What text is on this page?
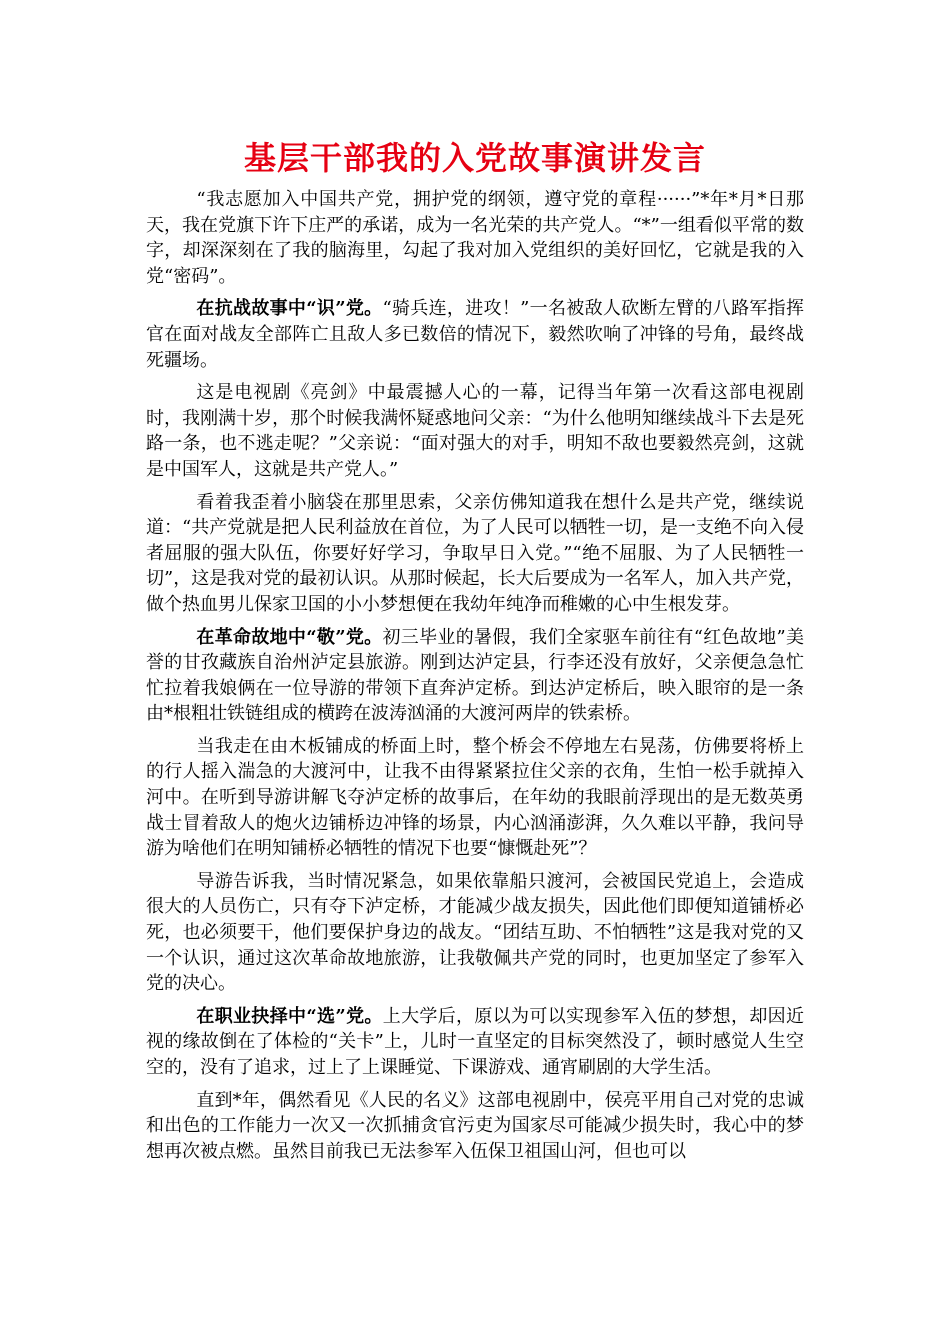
基层干部我的入党故事演讲发言

“我志愿加入中国共产党，拥护党的纲领，遵守党的章程······”*年*月*日那天，我在党旗下许下庄严的承诺，成为一名光荣的共产党人。“*”一组看似平常的数字，却深深刻在了我的脑海里，勾起了我对加入党组织的美好回忆，它就是我的入党“密码”。

在抗战故事中“识”党。“骑兵连，进攻！”一名被敌人砍断左臂的八路军指挥官在面对战友全部阵亡且敌人多已数倍的情况下，毅然吹响了冲锋的号角，最终战死疆场。

这是电视剧《亮剑》中最震撼人心的一幕，记得当年第一次看这部电视剧时，我刚满十岁，那个时候我满怀疑惑地问父亲：“为什么他明知继续战斗下去是死路一条，也不逃走呢？”父亲说：“面对强大的对手，明知不敌也要毅然亮剑，这就是中国军人，这就是共产党人。”

看着我歪着小脑袋在那里思索，父亲仿佛知道我在想什么是共产党，继续说道：“共产党就是把人民利益放在首位，为了人民可以牺牲一切，是一支绝不向入侵者屈服的强大队伍，你要好好学习，争取早日入党。”“绝不屈服、为了人民牺牲一切”，这是我对党的最初认识。从那时候起，长大后要成为一名军人，加入共产党，做个热血男儿保家卫国的小小梦想便在我幼年纯净而稚嫩的心中生根发芽。

在革命故地中“敬”党。初三毕业的暑假，我们全家驱车前往有“红色故地”美誉的甘孜藏族自治州泸定县旅游。刚到达泸定县，行李还没有放好，父亲便急急忙忙拉着我娘俩在一位导游的带领下直奔泸定桥。到达泸定桥后，映入眼帘的是一条由*根粗壮铁链组成的横跨在波涛汹涌的大渡河两岸的铁索桥。

当我走在由木板铺成的桥面上时，整个桥会不停地左右晃荡，仿佛要将桥上的行人摇入湍急的大渡河中，让我不由得紧紧拉住父亲的衣角，生怕一松手就掉入河中。在听到导游讲解飞夺泸定桥的故事后，在年幼的我眼前浮现出的是无数英勇战士冒着敌人的炮火边铺桥边冲锋的场景，内心汹涌澎湃，久久难以平静，我问导游为啥他们在明知铺桥必牺牲的情况下也要“慷慨赴死”？

导游告诉我，当时情况紧急，如果依靠船只渡河，会被国民党追上，会造成很大的人员伤亡，只有夺下泸定桥，才能减少战友损失，因此他们即便知道铺桥必死，也必须要干，他们要保护身边的战友。“团结互助、不怕牺牲”这是我对党的又一个认识，通过这次革命故地旅游，让我敬佩共产党的同时，也更加坚定了参军入党的决心。

在职业抉择中“选”党。上大学后，原以为可以实现参军入伍的梦想，却因近视的缘故倒在了体检的“关卡”上，儿时一直坚定的目标突然没了，顿时感觉人生空空的，没有了追求，过上了上课睡觉、下课游戏、通宵刷剧的大学生活。

直到*年，偶然看见《人民的名义》这部电视剧中，侯亮平用自己对党的忠诚和出色的工作能力一次又一次抓捕贪官污吏为国家尽可能减少损失时，我心中的梦想再次被点燃。虽然目前我已无法参军入伍保卫祖国山河，但也可以
